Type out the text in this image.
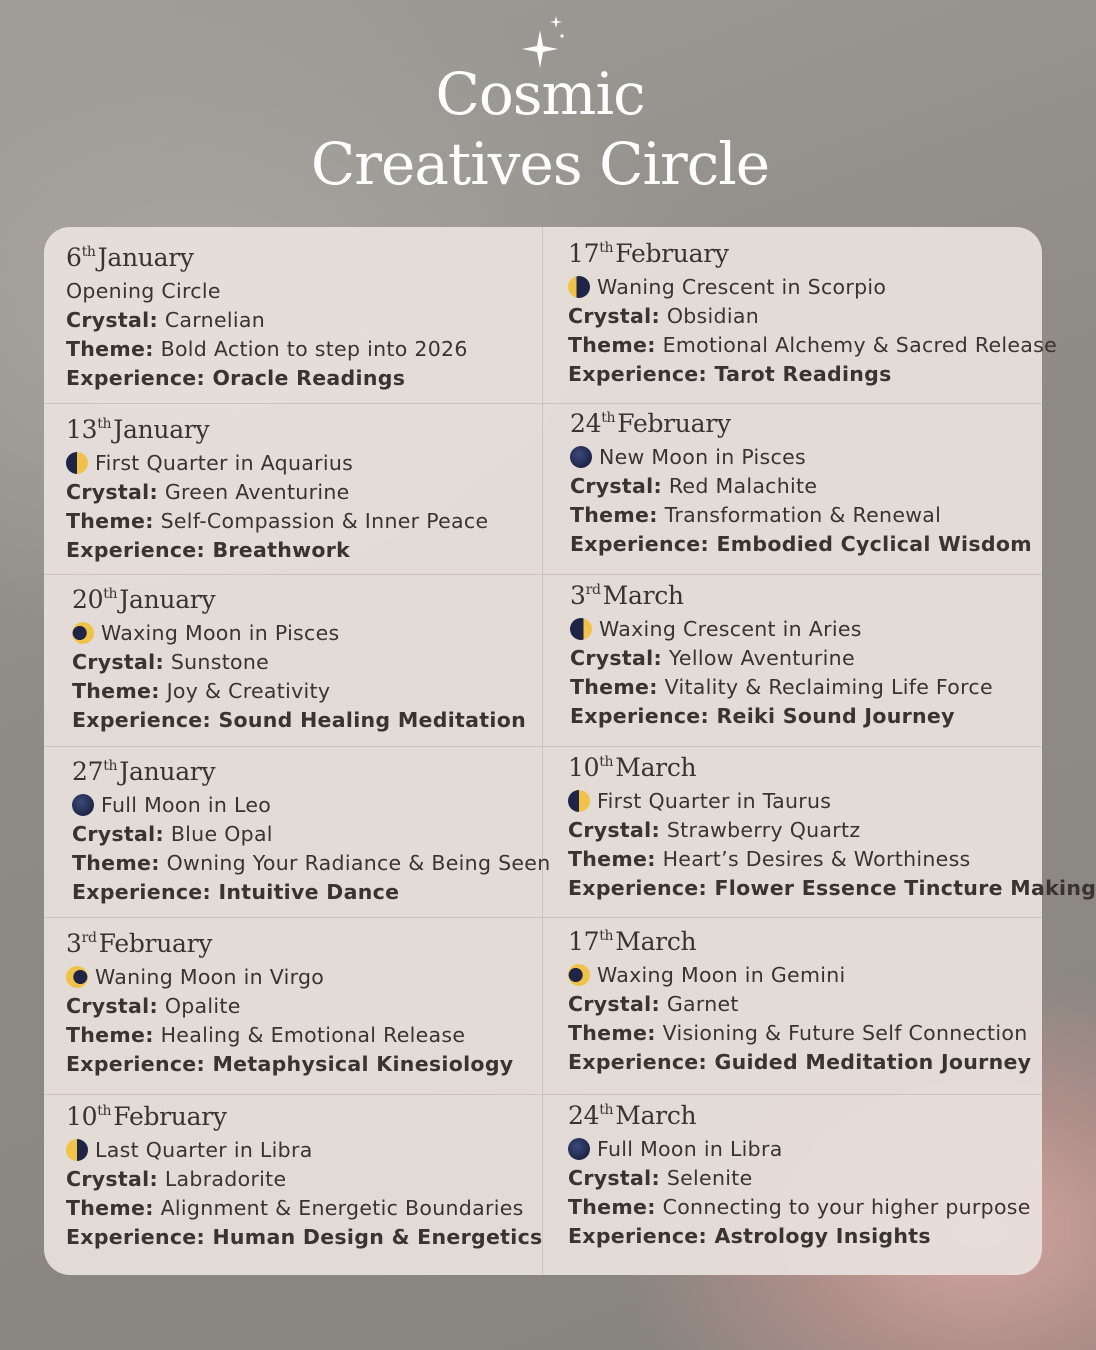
Cosmic
Creatives Circle
6thJanuary
Opening Circle
Crystal: Carnelian
Theme: Bold Action to step into 2026
Experience: Oracle Readings
13thJanuary
First Quarter in Aquarius
Crystal: Green Aventurine
Theme: Self-Compassion & Inner Peace
Experience: Breathwork
20thJanuary
Waxing Moon in Pisces
Crystal: Sunstone
Theme: Joy & Creativity
Experience: Sound Healing Meditation
27thJanuary
Full Moon in Leo
Crystal: Blue Opal
Theme: Owning Your Radiance & Being Seen
Experience: Intuitive Dance
3rdFebruary
Waning Moon in Virgo
Crystal: Opalite
Theme: Healing & Emotional Release
Experience: Metaphysical Kinesiology
10thFebruary
Last Quarter in Libra
Crystal: Labradorite
Theme: Alignment & Energetic Boundaries
Experience: Human Design & Energetics
17thFebruary
Waning Crescent in Scorpio
Crystal: Obsidian
Theme: Emotional Alchemy & Sacred Release
Experience: Tarot Readings
24thFebruary
New Moon in Pisces
Crystal: Red Malachite
Theme: Transformation & Renewal
Experience: Embodied Cyclical Wisdom
3rdMarch
Waxing Crescent in Aries
Crystal: Yellow Aventurine
Theme: Vitality & Reclaiming Life Force
Experience: Reiki Sound Journey
10thMarch
First Quarter in Taurus
Crystal: Strawberry Quartz
Theme: Heart’s Desires & Worthiness
Experience: Flower Essence Tincture Making
17thMarch
Waxing Moon in Gemini
Crystal: Garnet
Theme: Visioning & Future Self Connection
Experience: Guided Meditation Journey
24thMarch
Full Moon in Libra
Crystal: Selenite
Theme: Connecting to your higher purpose
Experience: Astrology Insights
